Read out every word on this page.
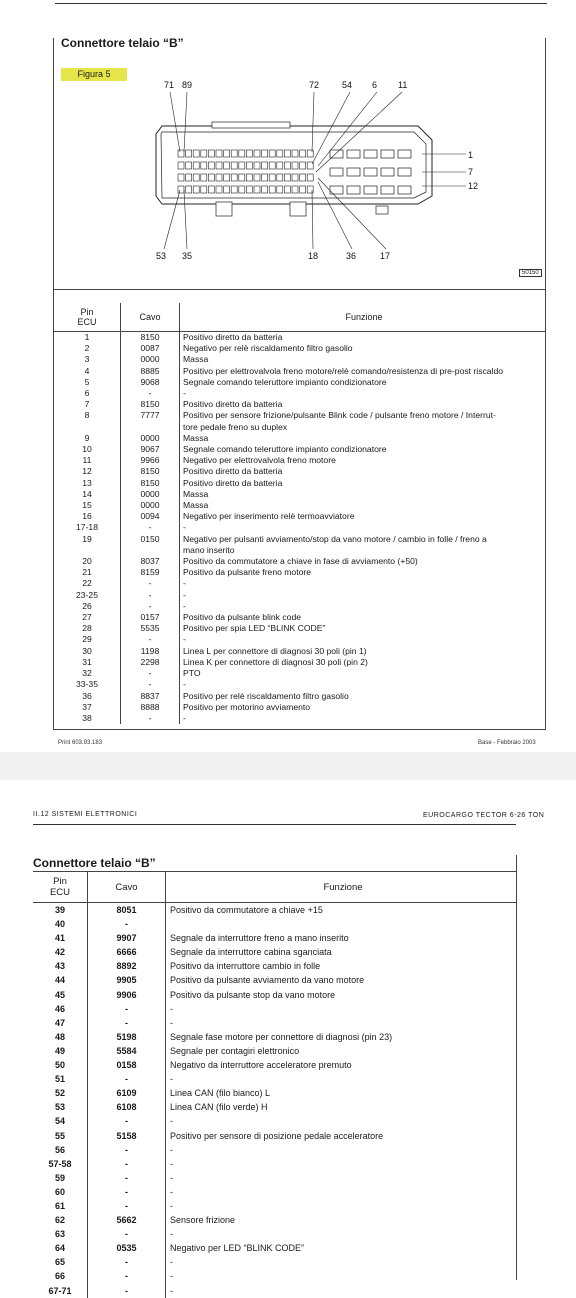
Connettore telaio “B”
Figura 5
71 89	72	54 6 11
1
7
12
53 35	18	36	17
50150
Pin
ECU	Cavo	Funzione
1	8150	Positivo diretto da batteria
2	0087	Negativo per relè riscaldamento filtro gasolio
3	0000	Massa
4	8885	Positivo per elettrovalvola freno motore/relè comando/resistenza di pre-post riscaldo
5	9068	Segnale comando teleruttore impianto condizionatore
6	-	-
7	8150	Positivo diretto da batteria
8	7777	Positivo per sensore frizione/pulsante Blink code / pulsante freno motore / Interrut-
tore pedale freno su duplex
9	0000	Massa
10	9067	Segnale comando teleruttore impianto condizionatore
11	9966	Negativo per elettrovalvola freno motore
12	8150	Positivo diretto da batteria
13	8150	Positivo diretto da batteria
14	0000	Massa
15	0000	Massa
16	0094	Negativo per inserimento relè termoavviatore
17-18	-	-
19	0150	Negativo per pulsanti avviamento/stop da vano motore / cambio in folle / freno a
mano inserito
20	8037	Positivo da commutatore a chiave in fase di avviamento (+50)
21	8159	Positivo da pulsante freno motore
22	-	-
23-25	-	-
26	-	-
27	0157	Positivo da pulsante blink code
28	5535	Positivo per spia LED “BLINK CODE”
29	-	-
30	1198	Linea L per connettore di diagnosi 30 poli (pin 1)
31	2298	Linea K per connettore di diagnosi 30 poli (pin 2)
32	-	PTO
33-35	-	-
36	8837	Positivo per relè riscaldamento filtro gasolio
37	8888	Positivo per motorino avviamento
38	-	-
Print 603.93.183	Base - Febbraio 2003
II.12 SISTEMI ELETTRONICI	EUROCARGO TECTOR 6-26 TON
Connettore telaio “B”
Pin
ECU	Cavo	Funzione
39	8051	Positivo da commutatore a chiave +15
40	-	
41	9907	Segnale da interruttore freno a mano inserito
42	6666	Segnale da interruttore cabina sganciata
43	8892	Positivo da interruttore cambio in folle
44	9905	Positivo da pulsante avviamento da vano motore
45	9906	Positivo da pulsante stop da vano motore
46	-	-
47	-	-
48	5198	Segnale fase motore per connettore di diagnosi (pin 23)
49	5584	Segnale per contagiri elettronico
50	0158	Negativo da interruttore acceleratore premuto
51	-	-
52	6109	Linea CAN (filo bianco) L
53	6108	Linea CAN (filo verde) H
54	-	-
55	5158	Positivo per sensore di posizione pedale acceleratore
56	-	-
57-58	-	-
59	-	-
60	-	-
61	-	-
62	5662	Sensore frizione
63	-	-
64	0535	Negativo per LED “BLINK CODE”
65	-	-
66	-	-
67-71	-	-
